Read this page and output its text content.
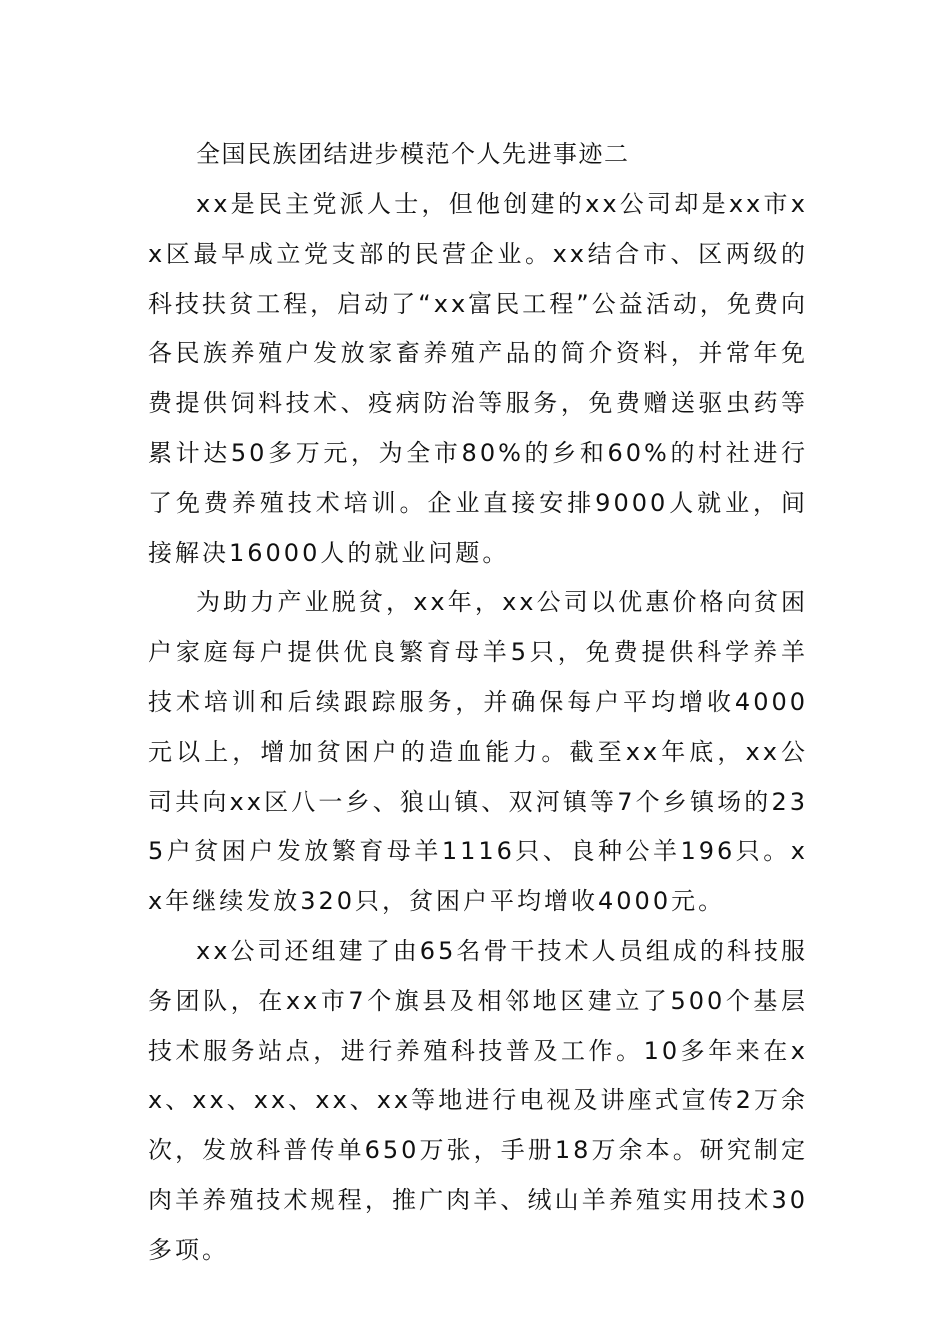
全国民族团结进步模范个人先进事迹二

xx是民主党派人士，但他创建的xx公司却是xx市xx区最早成立党支部的民营企业。xx结合市、区两级的科技扶贫工程，启动了“xx富民工程”公益活动，免费向各民族养殖户发放家畜养殖产品的简介资料，并常年免费提供饲料技术、疫病防治等服务，免费赠送驱虫药等累计达50多万元，为全市80%的乡和60%的村社进行了免费养殖技术培训。企业直接安排9000人就业，间接解决16000人的就业问题。

为助力产业脱贫，xx年，xx公司以优惠价格向贫困户家庭每户提供优良繁育母羊5只，免费提供科学养羊技术培训和后续跟踪服务，并确保每户平均增收4000元以上，增加贫困户的造血能力。截至xx年底，xx公司共向xx区八一乡、狼山镇、双河镇等7个乡镇场的235户贫困户发放繁育母羊1116只、良种公羊196只。xx年继续发放320只，贫困户平均增收4000元。

xx公司还组建了由65名骨干技术人员组成的科技服务团队，在xx市7个旗县及相邻地区建立了500个基层技术服务站点，进行养殖科技普及工作。10多年来在xx、xx、xx、xx、xx等地进行电视及讲座式宣传2万余次，发放科普传单650万张，手册18万余本。研究制定肉羊养殖技术规程，推广肉羊、绒山羊养殖实用技术30多项。
